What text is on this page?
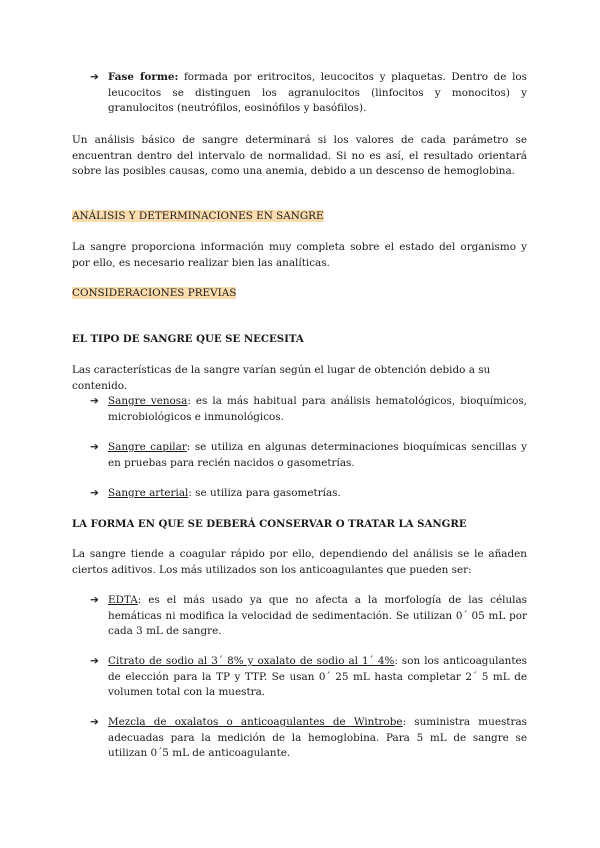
➔ Fase forme: formada por eritrocitos, leucocitos y plaquetas. Dentro de los leucocitos se distinguen los agranulocitos (linfocitos y monocitos) y granulocitos (neutrófilos, eosinófilos y basófilos).

Un análisis básico de sangre determinará si los valores de cada parámetro se encuentran dentro del intervalo de normalidad. Si no es así, el resultado orientará sobre las posibles causas, como una anemia, debido a un descenso de hemoglobina.

ANÁLISIS Y DETERMINACIONES EN SANGRE

La sangre proporciona información muy completa sobre el estado del organismo y por ello, es necesario realizar bien las analíticas.

CONSIDERACIONES PREVIAS

EL TIPO DE SANGRE QUE SE NECESITA

Las características de la sangre varían según el lugar de obtención debido a su contenido.

➔ Sangre venosa: es la más habitual para análisis hematológicos, bioquímicos, microbiológicos e inmunológicos.

➔ Sangre capilar: se utiliza en algunas determinaciones bioquímicas sencillas y en pruebas para recién nacidos o gasometrías.

➔ Sangre arterial: se utiliza para gasometrías.

LA FORMA EN QUE SE DEBERÁ CONSERVAR O TRATAR LA SANGRE

La sangre tiende a coagular rápido por ello, dependiendo del análisis se le añaden ciertos aditivos. Los más utilizados son los anticoagulantes que pueden ser:

➔ EDTA: es el más usado ya que no afecta a la morfología de las células hemáticas ni modifica la velocidad de sedimentación. Se utilizan 0´ 05 mL por cada 3 mL de sangre.

➔ Citrato de sodio al 3´ 8% y oxalato de sodio al 1´ 4%: son los anticoagulantes de elección para la TP y TTP. Se usan 0´ 25 mL hasta completar 2´ 5 mL de volumen total con la muestra.

➔ Mezcla de oxalatos o anticoagulantes de Wintrobe: suministra muestras adecuadas para la medición de la hemoglobina. Para 5 mL de sangre se utilizan 0´5 mL de anticoagulante.
